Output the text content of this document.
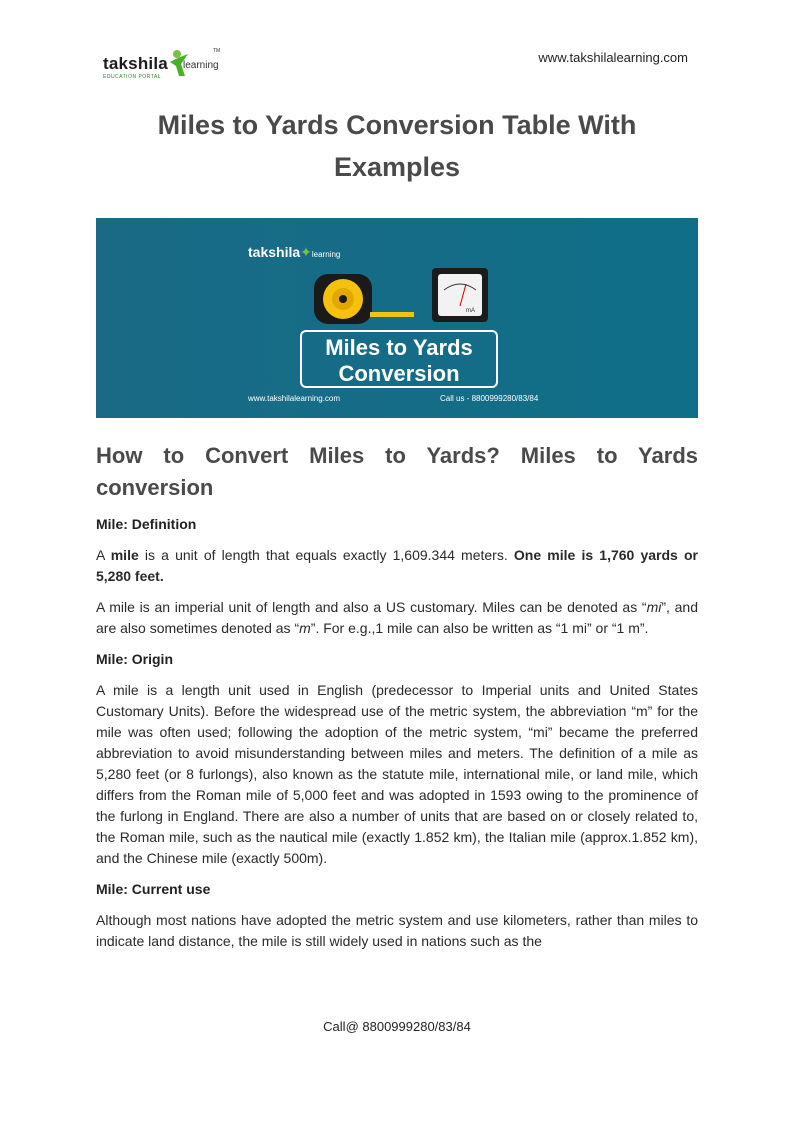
takshila learning
TM
EDUCATION PORTAL
www.takshilalearning.com
Miles to Yards Conversion Table With Examples
takshila✦learning
mA
Miles to Yards
Conversion
www.takshilalearning.com	Call us - 8800999280/83/84
How to Convert Miles to Yards? Miles to Yards conversion

Mile: Definition

A mile is a unit of length that equals exactly 1,609.344 meters. One mile is 1,760 yards or 5,280 feet.

A mile is an imperial unit of length and also a US customary. Miles can be denoted as “mi”, and are also sometimes denoted as “m”. For e.g.,1 mile can also be written as “1 mi” or “1 m”.

Mile: Origin

A mile is a length unit used in English (predecessor to Imperial units and United States Customary Units). Before the widespread use of the metric system, the abbreviation “m” for the mile was often used; following the adoption of the metric system, “mi” became the preferred abbreviation to avoid misunderstanding between miles and meters. The definition of a mile as 5,280 feet (or 8 furlongs), also known as the statute mile, international mile, or land mile, which differs from the Roman mile of 5,000 feet and was adopted in 1593 owing to the prominence of the furlong in England. There are also a number of units that are based on or closely related to, the Roman mile, such as the nautical mile (exactly 1.852 km), the Italian mile (approx.1.852 km), and the Chinese mile (exactly 500m).

Mile: Current use

Although most nations have adopted the metric system and use kilometers, rather than miles to indicate land distance, the mile is still widely used in nations such as the

Call@ 8800999280/83/84
